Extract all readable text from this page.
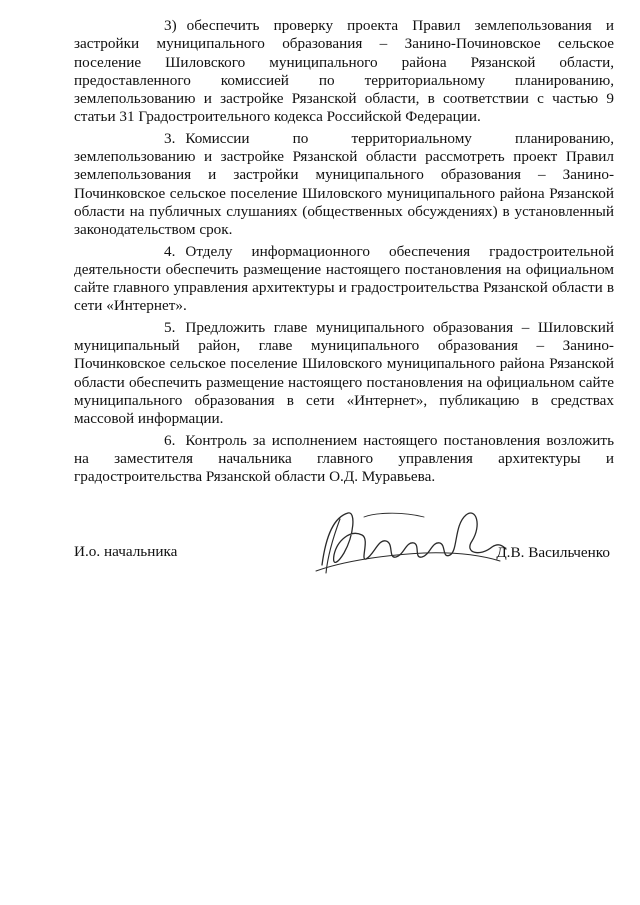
3) обеспечить проверку проекта Правил землепользования и застройки муниципального образования – Занино-Починовское сельское поселение Шиловского муниципального района Рязанской области, предоставленного комиссией по территориальному планированию, землепользованию и застройке Рязанской области, в соответствии с частью 9 статьи 31 Градостроительного кодекса Российской Федерации.

3. Комиссии по территориальному планированию, землепользованию и застройке Рязанской области рассмотреть проект Правил землепользования и застройки муниципального образования – Занино-Починковское сельское поселение Шиловского муниципального района Рязанской области на публичных слушаниях (общественных обсуждениях) в установленный законодательством срок.

4. Отделу информационного обеспечения градостроительной деятельности обеспечить размещение настоящего постановления на официальном сайте главного управления архитектуры и градостроительства Рязанской области в сети «Интернет».

5. Предложить главе муниципального образования – Шиловский муниципальный район, главе муниципального образования – Занино-Починковское сельское поселение Шиловского муниципального района Рязанской области обеспечить размещение настоящего постановления на официальном сайте муниципального образования в сети «Интернет», публикацию в средствах массовой информации.

6. Контроль за исполнением настоящего постановления возложить на заместителя начальника главного управления архитектуры и градостроительства Рязанской области О.Д. Муравьева.

И.о. начальника	Д.В. Васильченко
